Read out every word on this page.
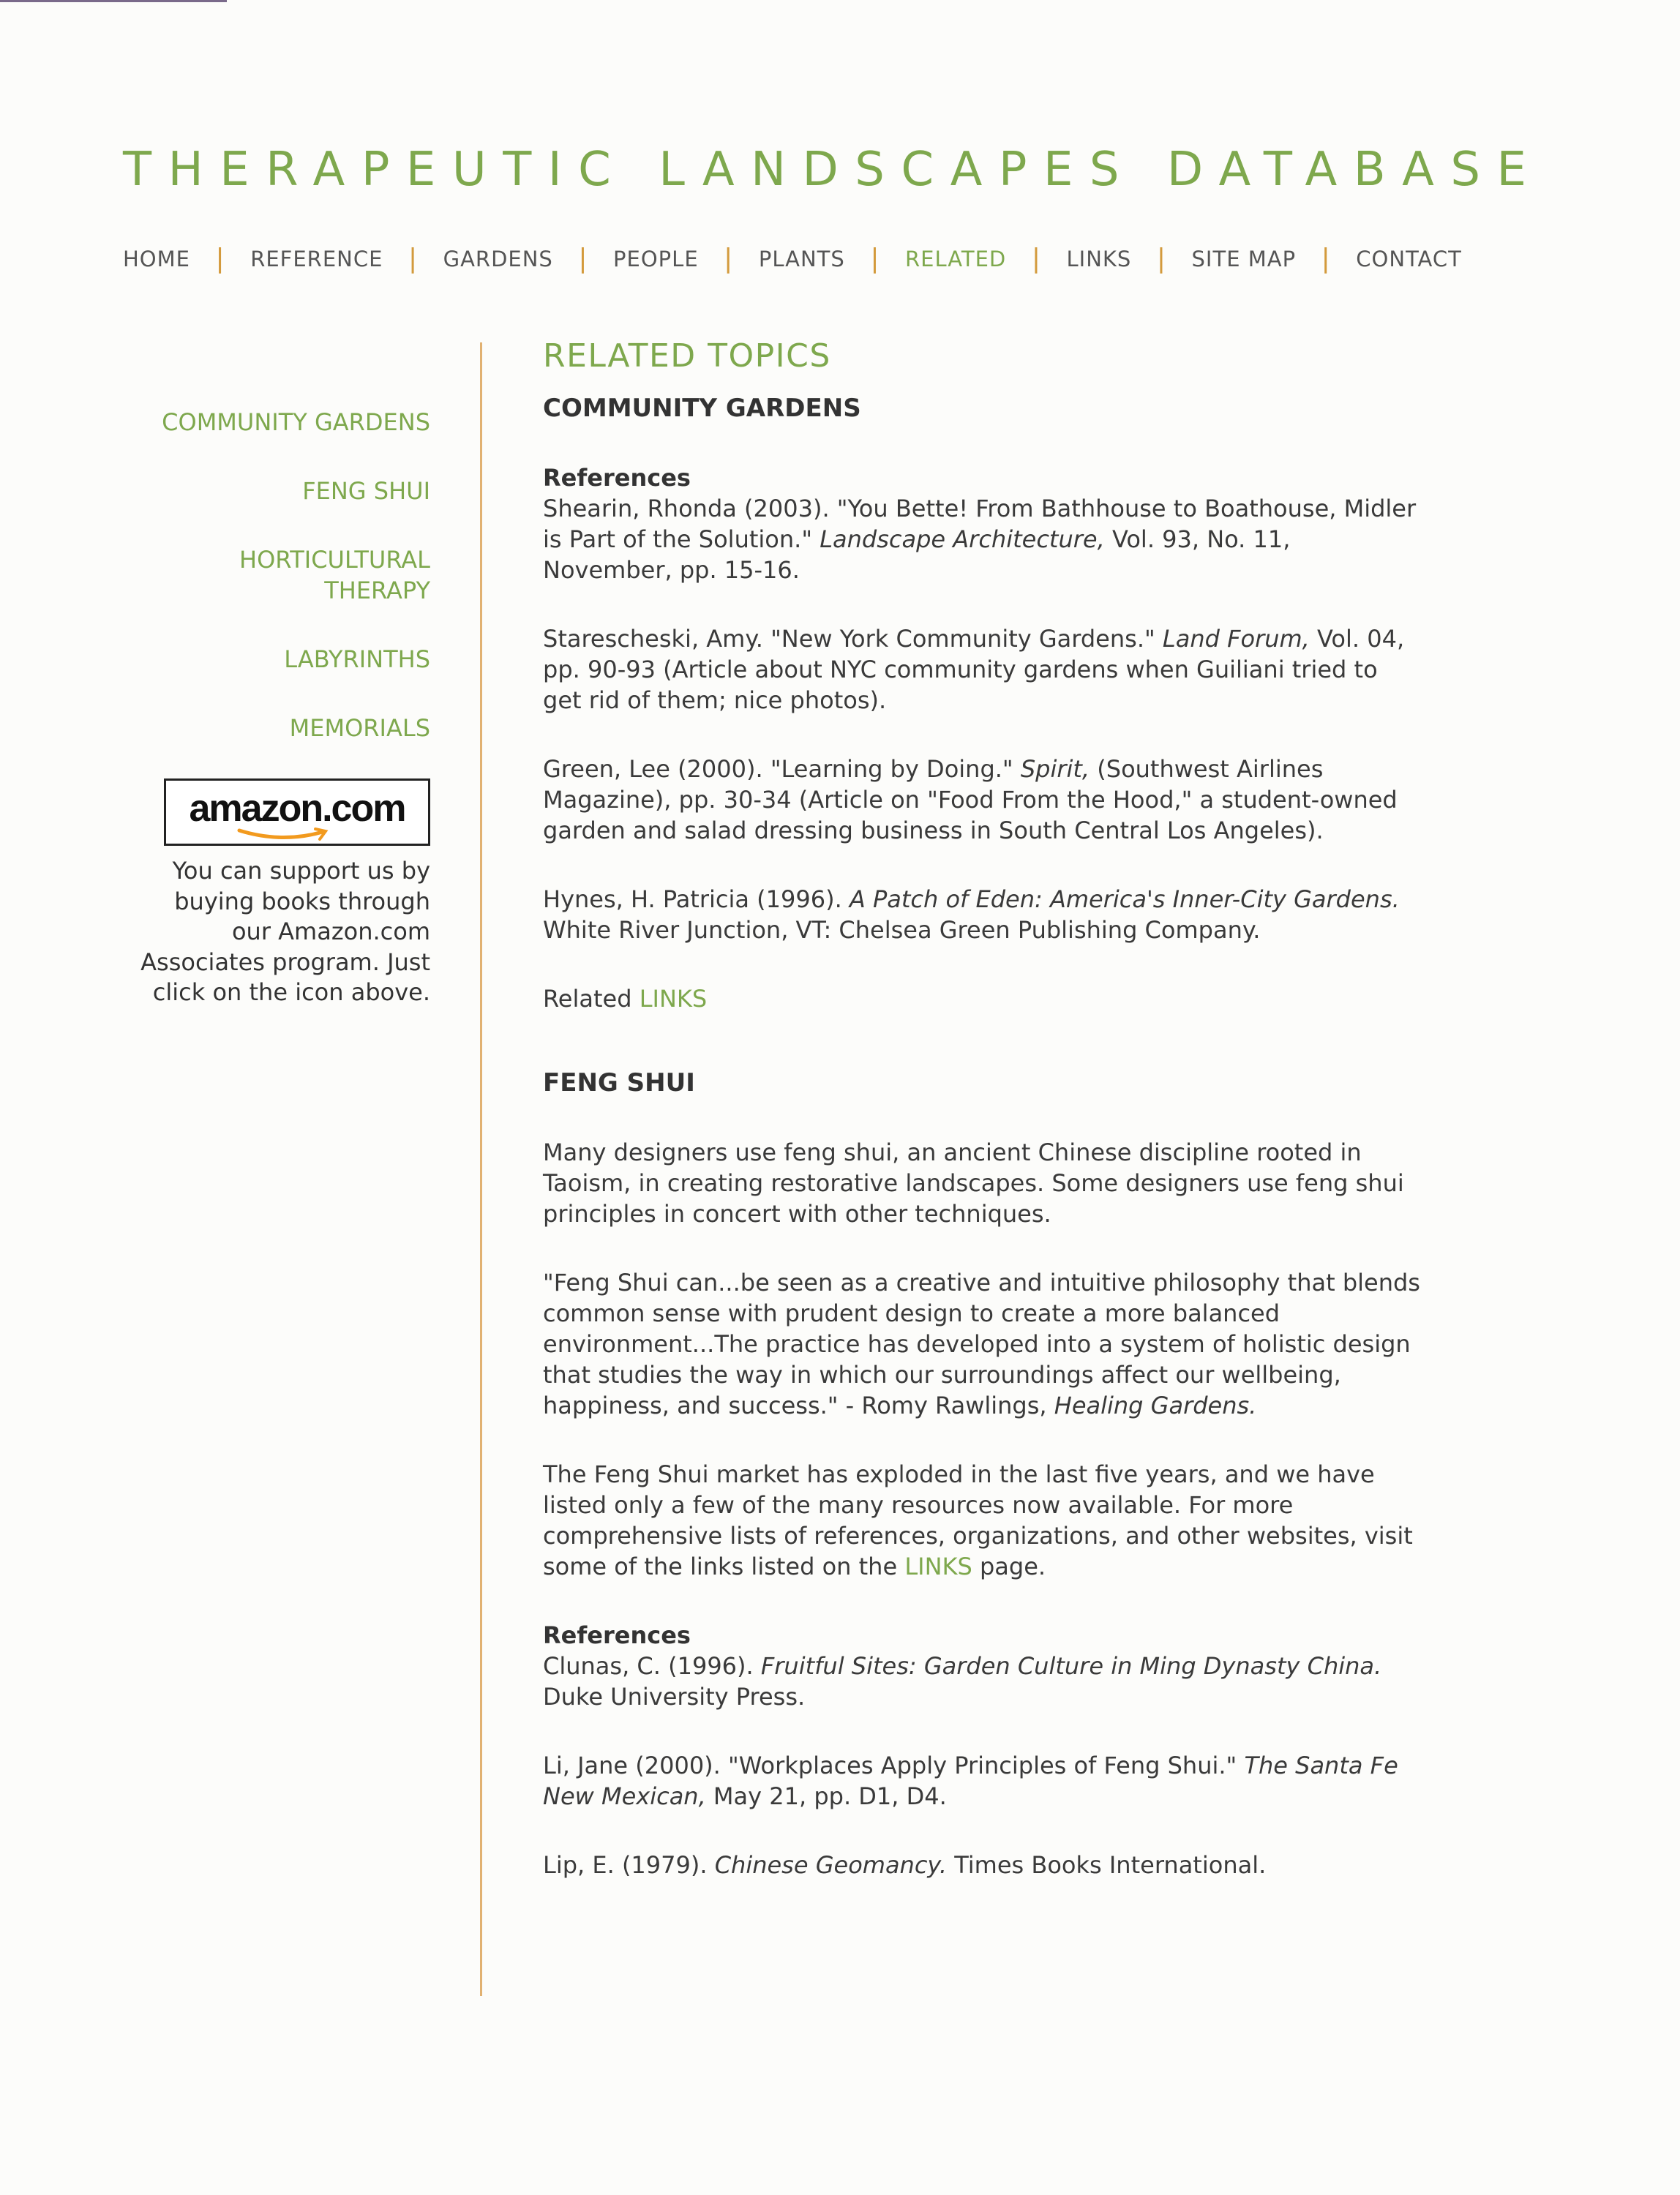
THERAPEUTIC LANDSCAPES DATABASE
HOME | REFERENCE | GARDENS | PEOPLE | PLANTS | RELATED | LINKS | SITE MAP | CONTACT
COMMUNITY GARDENS
FENG SHUI
HORTICULTURAL THERAPY
LABYRINTHS
MEMORIALS
amazon.com
You can support us by buying books through our Amazon.com Associates program. Just click on the icon above.
RELATED TOPICS
COMMUNITY GARDENS
References

Shearin, Rhonda (2003). "You Bette! From Bathhouse to Boathouse, Midler is Part of the Solution." Landscape Architecture, Vol. 93, No. 11, November, pp. 15-16.

Starescheski, Amy. "New York Community Gardens." Land Forum, Vol. 04, pp. 90-93 (Article about NYC community gardens when Guiliani tried to get rid of them; nice photos).

Green, Lee (2000). "Learning by Doing." Spirit, (Southwest Airlines Magazine), pp. 30-34 (Article on "Food From the Hood," a student-owned garden and salad dressing business in South Central Los Angeles).

Hynes, H. Patricia (1996). A Patch of Eden: America's Inner-City Gardens. White River Junction, VT: Chelsea Green Publishing Company.

Related LINKS

FENG SHUI

Many designers use feng shui, an ancient Chinese discipline rooted in Taoism, in creating restorative landscapes. Some designers use feng shui principles in concert with other techniques.

"Feng Shui can...be seen as a creative and intuitive philosophy that blends common sense with prudent design to create a more balanced environment...The practice has developed into a system of holistic design that studies the way in which our surroundings affect our wellbeing, happiness, and success." - Romy Rawlings, Healing Gardens.

The Feng Shui market has exploded in the last five years, and we have listed only a few of the many resources now available. For more comprehensive lists of references, organizations, and other websites, visit some of the links listed on the LINKS page.

References

Clunas, C. (1996). Fruitful Sites: Garden Culture in Ming Dynasty China. Duke University Press.

Li, Jane (2000). "Workplaces Apply Principles of Feng Shui." The Santa Fe New Mexican, May 21, pp. D1, D4.

Lip, E. (1979). Chinese Geomancy. Times Books International.
